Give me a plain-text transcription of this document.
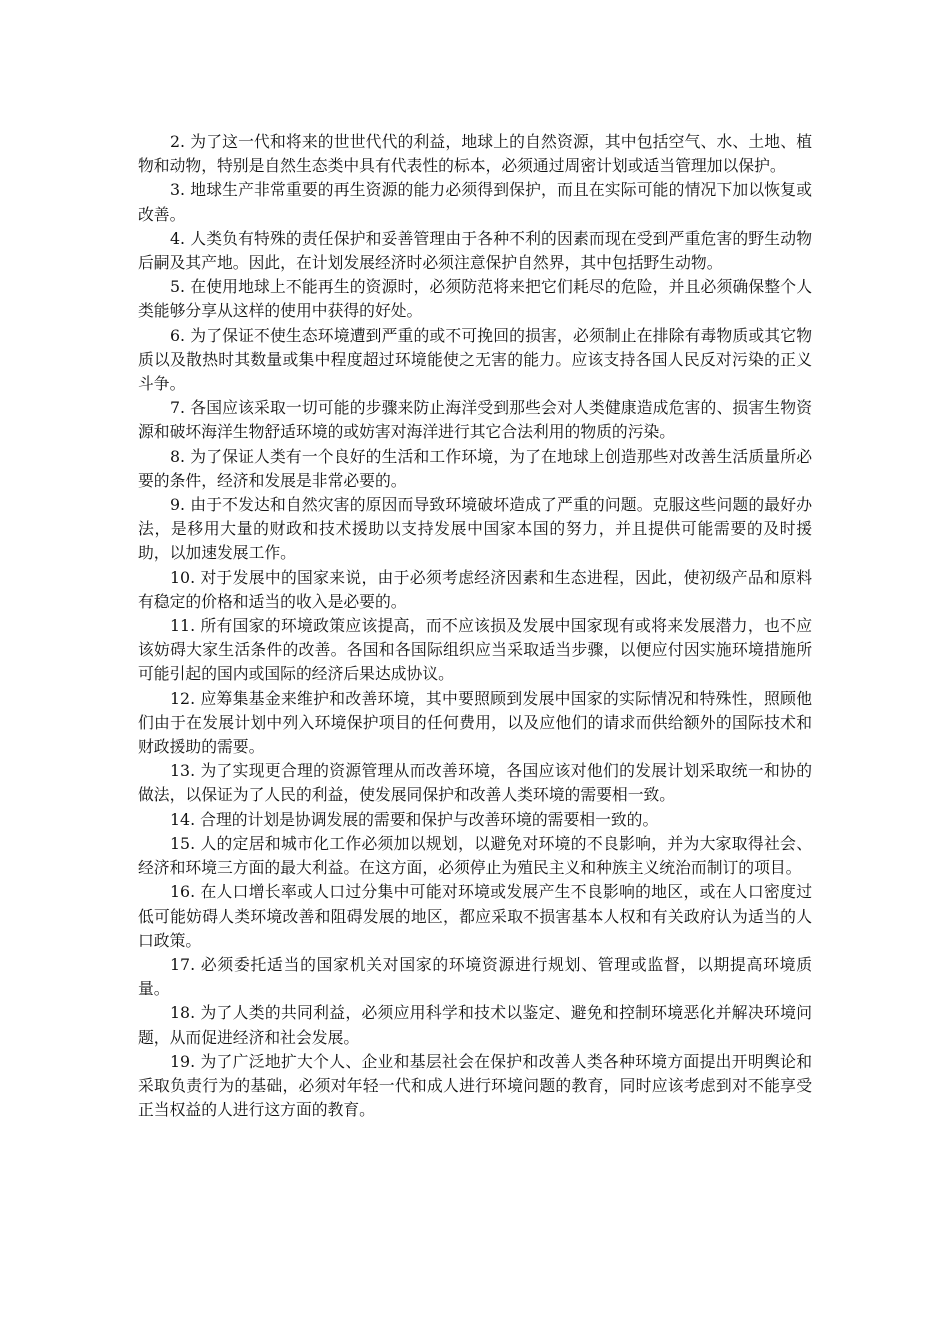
2. 为了这一代和将来的世世代代的利益，地球上的自然资源，其中包括空气、水、土地、植物和动物，特别是自然生态类中具有代表性的标本，必须通过周密计划或适当管理加以保护。

3. 地球生产非常重要的再生资源的能力必须得到保护，而且在实际可能的情况下加以恢复或改善。

4. 人类负有特殊的责任保护和妥善管理由于各种不利的因素而现在受到严重危害的野生动物后嗣及其产地。因此，在计划发展经济时必须注意保护自然界，其中包括野生动物。

5. 在使用地球上不能再生的资源时，必须防范将来把它们耗尽的危险，并且必须确保整个人类能够分享从这样的使用中获得的好处。

6. 为了保证不使生态环境遭到严重的或不可挽回的损害，必须制止在排除有毒物质或其它物质以及散热时其数量或集中程度超过环境能使之无害的能力。应该支持各国人民反对污染的正义斗争。

7. 各国应该采取一切可能的步骤来防止海洋受到那些会对人类健康造成危害的、损害生物资源和破坏海洋生物舒适环境的或妨害对海洋进行其它合法利用的物质的污染。

8. 为了保证人类有一个良好的生活和工作环境，为了在地球上创造那些对改善生活质量所必要的条件，经济和发展是非常必要的。

9. 由于不发达和自然灾害的原因而导致环境破坏造成了严重的问题。克服这些问题的最好办法，是移用大量的财政和技术援助以支持发展中国家本国的努力，并且提供可能需要的及时援助，以加速发展工作。

10. 对于发展中的国家来说，由于必须考虑经济因素和生态进程，因此，使初级产品和原料有稳定的价格和适当的收入是必要的。

11. 所有国家的环境政策应该提高，而不应该损及发展中国家现有或将来发展潜力，也不应该妨碍大家生活条件的改善。各国和各国际组织应当采取适当步骤，以便应付因实施环境措施所可能引起的国内或国际的经济后果达成协议。

12. 应筹集基金来维护和改善环境，其中要照顾到发展中国家的实际情况和特殊性，照顾他们由于在发展计划中列入环境保护项目的任何费用，以及应他们的请求而供给额外的国际技术和财政援助的需要。

13. 为了实现更合理的资源管理从而改善环境，各国应该对他们的发展计划采取统一和协的做法，以保证为了人民的利益，使发展同保护和改善人类环境的需要相一致。

14. 合理的计划是协调发展的需要和保护与改善环境的需要相一致的。

15. 人的定居和城市化工作必须加以规划，以避免对环境的不良影响，并为大家取得社会、经济和环境三方面的最大利益。在这方面，必须停止为殖民主义和种族主义统治而制订的项目。

16. 在人口增长率或人口过分集中可能对环境或发展产生不良影响的地区，或在人口密度过低可能妨碍人类环境改善和阻碍发展的地区，都应采取不损害基本人权和有关政府认为适当的人口政策。

17. 必须委托适当的国家机关对国家的环境资源进行规划、管理或监督，以期提高环境质量。

18. 为了人类的共同利益，必须应用科学和技术以鉴定、避免和控制环境恶化并解决环境问题，从而促进经济和社会发展。

19. 为了广泛地扩大个人、企业和基层社会在保护和改善人类各种环境方面提出开明舆论和采取负责行为的基础，必须对年轻一代和成人进行环境问题的教育，同时应该考虑到对不能享受正当权益的人进行这方面的教育。
